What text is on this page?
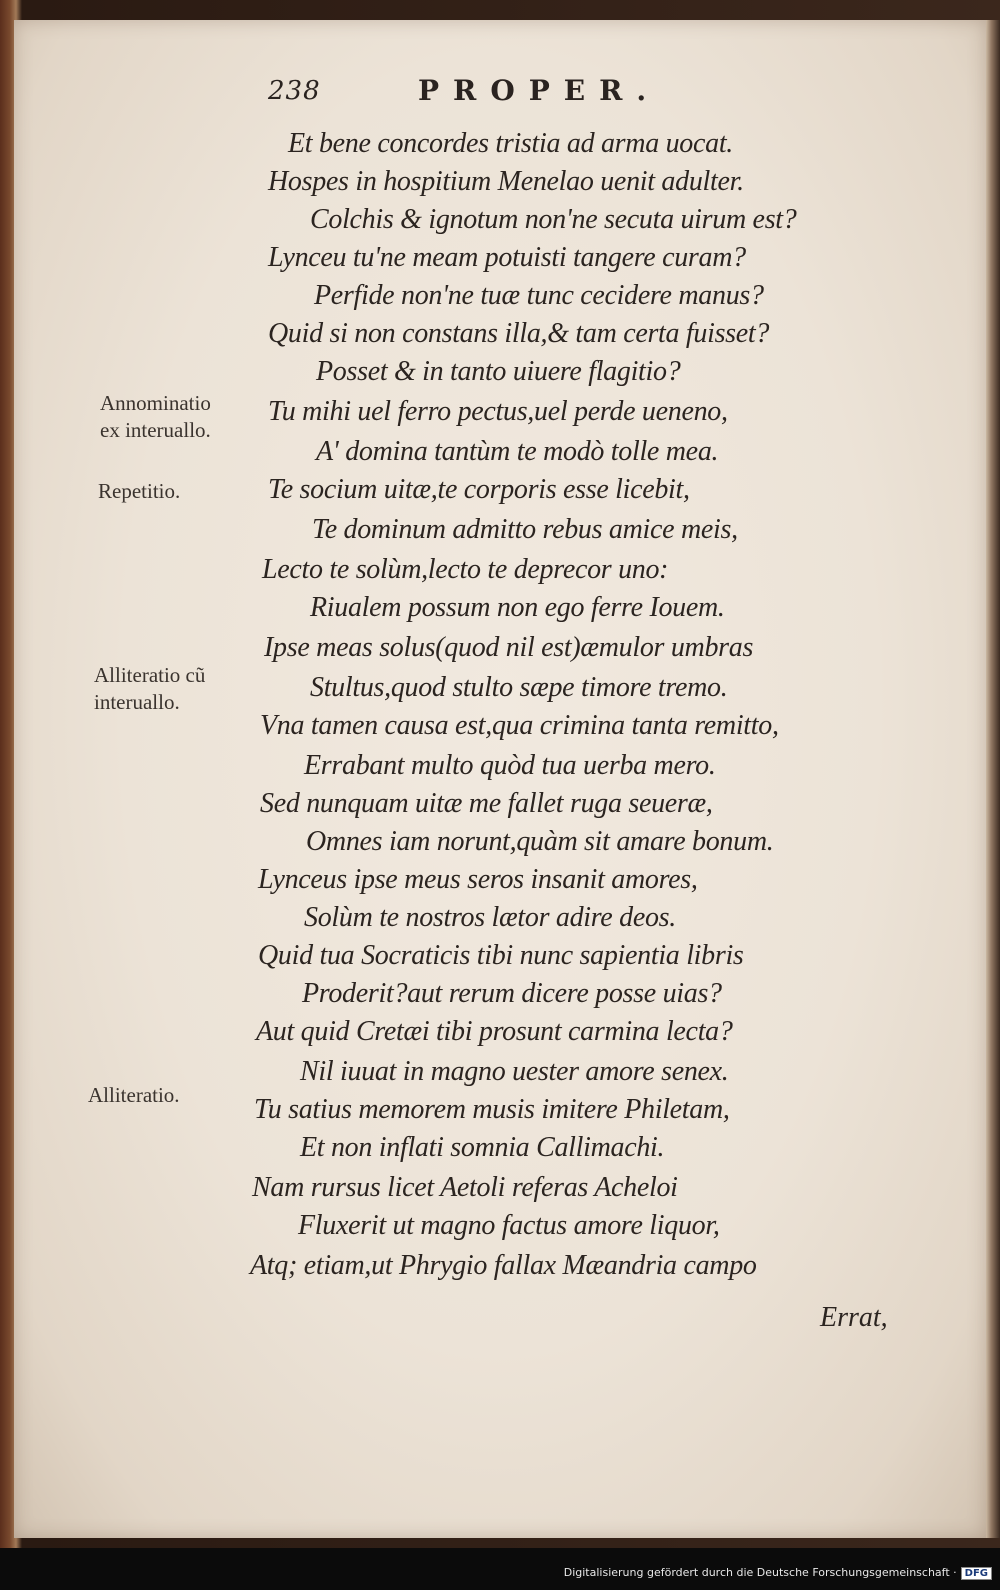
238	PROPER.
Et bene concordes tristia ad arma uocat.
Hospes in hospitium Menelao uenit adulter.
Colchis & ignotum non'ne secuta uirum est?
Lynceu tu'ne meam potuisti tangere curam?
Perfide non'ne tuæ tunc cecidere manus?
Quid si non constans illa,& tam certa fuisset?
Posset & in tanto uiuere flagitio?
Tu mihi uel ferro pectus,uel perde ueneno,
A' domina tantùm te modò tolle mea.
Te socium uitæ,te corporis esse licebit,
Te dominum admitto rebus amice meis,
Lecto te solùm,lecto te deprecor uno:
Riualem possum non ego ferre Iouem.
Ipse meas solus(quod nil est)æmulor umbras
Stultus,quod stulto sæpe timore tremo.
Vna tamen causa est,qua crimina tanta remitto,
Errabant multo quòd tua uerba mero.
Sed nunquam uitæ me fallet ruga seueræ,
Omnes iam norunt,quàm sit amare bonum.
Lynceus ipse meus seros insanit amores,
Solùm te nostros lætor adire deos.
Quid tua Socraticis tibi nunc sapientia libris
Proderit?aut rerum dicere posse uias?
Aut quid Cretæi tibi prosunt carmina lecta?
Nil iuuat in magno uester amore senex.
Tu satius memorem musis imitere Philetam,
Et non inflati somnia Callimachi.
Nam rursus licet Aetoli referas Acheloi
Fluxerit ut magno factus amore liquor,
Atq; etiam,ut Phrygio fallax Mæandria campo
Annominatio
ex interuallo.
Repetitio.
Alliteratio cũ
interuallo.
Alliteratio.
Errat,
Digitalisierung gefördert durch die Deutsche Forschungsgemeinschaft · DFG
